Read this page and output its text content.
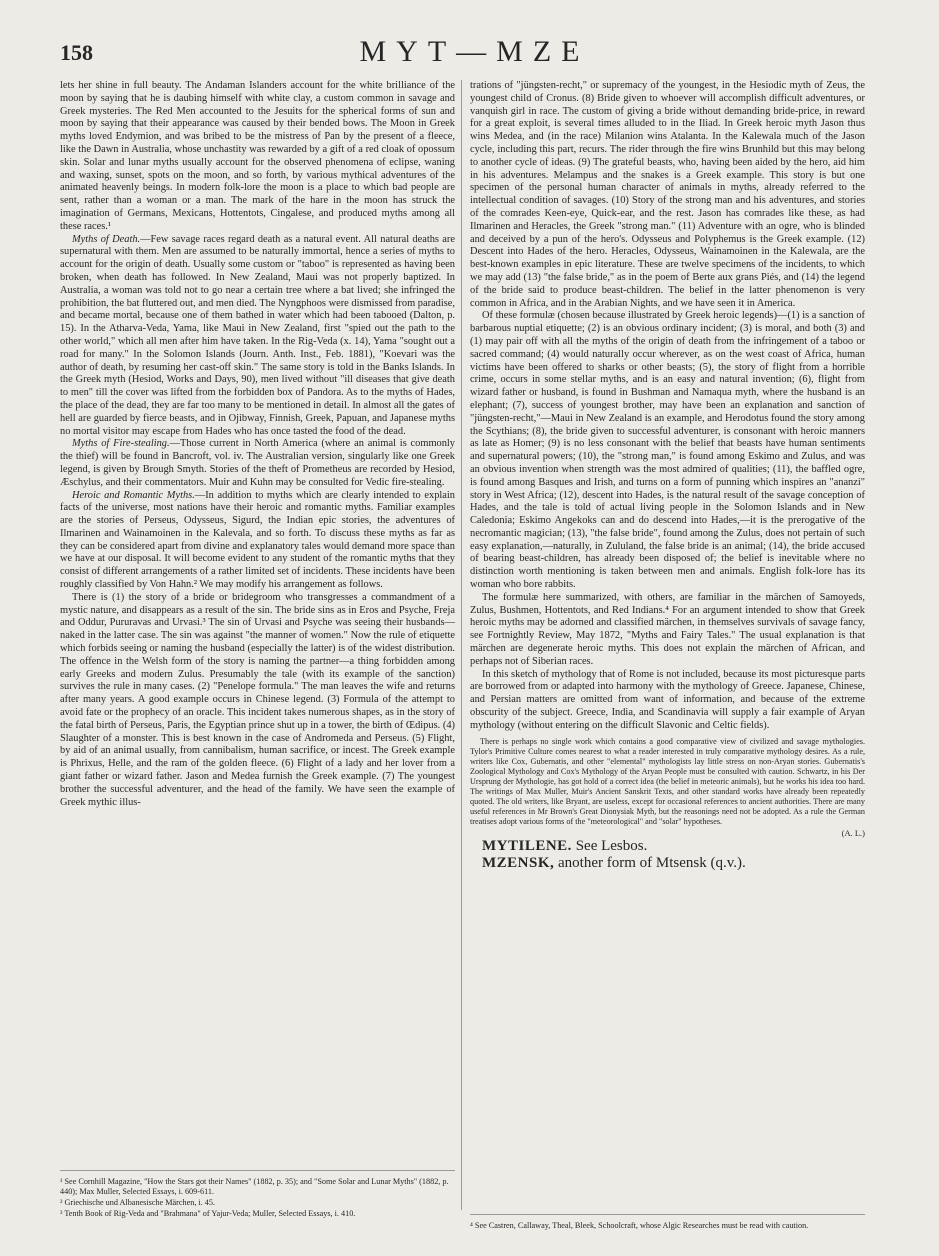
158	MYT—MZE

lets her shine in full beauty. The Andaman Islanders account for the white brilliance of the moon by saying that he is daubing himself with white clay, a custom common in savage and Greek mysteries. The Red Men accounted to the Jesuits for the spherical forms of sun and moon by saying that their appearance was caused by their bended bows. The Moon in Greek myths loved Endymion, and was bribed to be the mistress of Pan by the present of a fleece, like the Dawn in Australia, whose unchastity was rewarded by a gift of a red cloak of opossum skin. Solar and lunar myths usually account for the observed phenomena of eclipse, waning and waxing, sunset, spots on the moon, and so forth, by various mythical adventures of the animated heavenly beings. In modern folk-lore the moon is a place to which bad people are sent, rather than a woman or a man. The mark of the hare in the moon has struck the imagination of Germans, Mexicans, Hottentots, Cingalese, and produced myths among all these races.¹

Myths of Death.—Few savage races regard death as a natural event. All natural deaths are supernatural with them. Men are assumed to be naturally immortal, hence a series of myths to account for the origin of death. Usually some custom or "taboo" is represented as having been broken, when death has followed. In New Zealand, Maui was not properly baptized. In Australia, a woman was told not to go near a certain tree where a bat lived; she infringed the prohibition, the bat fluttered out, and men died. The Nyngphoos were dismissed from paradise, and became mortal, because one of them bathed in water which had been tabooed (Dalton, p. 15). In the Atharva-Veda, Yama, like Maui in New Zealand, first "spied out the path to the other world," which all men after him have taken. In the Rig-Veda (x. 14), Yama "sought out a road for many." In the Solomon Islands (Journ. Anth. Inst., Feb. 1881), "Koevari was the author of death, by resuming her cast-off skin." The same story is told in the Banks Islands. In the Greek myth (Hesiod, Works and Days, 90), men lived without "ill diseases that give death to men" till the cover was lifted from the forbidden box of Pandora. As to the myths of Hades, the place of the dead, they are far too many to be mentioned in detail. In almost all the gates of hell are guarded by fierce beasts, and in Ojibway, Finnish, Greek, Papuan, and Japanese myths no mortal visitor may escape from Hades who has once tasted the food of the dead.

Myths of Fire-stealing.—Those current in North America (where an animal is commonly the thief) will be found in Bancroft, vol. iv. The Australian version, singularly like one Greek legend, is given by Brough Smyth. Stories of the theft of Prometheus are recorded by Hesiod, Æschylus, and their commentators. Muir and Kuhn may be consulted for Vedic fire-stealing.

Heroic and Romantic Myths.—In addition to myths which are clearly intended to explain facts of the universe, most nations have their heroic and romantic myths. Familiar examples are the stories of Perseus, Odysseus, Sigurd, the Indian epic stories, the adventures of Ilmarinen and Wainamoinen in the Kalevala, and so forth. To discuss these myths as far as they can be considered apart from divine and explanatory tales would demand more space than we have at our disposal. It will become evident to any student of the romantic myths that they consist of different arrangements of a rather limited set of incidents. These incidents have been roughly classified by Von Hahn.² We may modify his arrangement as follows.

There is (1) the story of a bride or bridegroom who transgresses a commandment of a mystic nature, and disappears as a result of the sin. The bride sins as in Eros and Psyche, Freja and Oddur, Pururavas and Urvasi.³ The sin of Urvasi and Psyche was seeing their husbands—naked in the latter case. The sin was against "the manner of women." Now the rule of etiquette which forbids seeing or naming the husband (especially the latter) is of the widest distribution. The offence in the Welsh form of the story is naming the partner—a thing forbidden among early Greeks and modern Zulus. Presumably the tale (with its example of the sanction) survives the rule in many cases. (2) "Penelope formula." The man leaves the wife and returns after many years. A good example occurs in Chinese legend. (3) Formula of the attempt to avoid fate or the prophecy of an oracle. This incident takes numerous shapes, as in the story of the fatal birth of Perseus, Paris, the Egyptian prince shut up in a tower, the birth of Œdipus. (4) Slaughter of a monster. This is best known in the case of Andromeda and Perseus. (5) Flight, by aid of an animal usually, from cannibalism, human sacrifice, or incest. The Greek example is Phrixus, Helle, and the ram of the golden fleece. (6) Flight of a lady and her lover from a giant father or wizard father. Jason and Medea furnish the Greek example. (7) The youngest brother the successful adventurer, and the head of the family. We have seen the example of Greek mythic illus-

trations of "jüngsten-recht," or supremacy of the youngest, in the Hesiodic myth of Zeus, the youngest child of Cronus. (8) Bride given to whoever will accomplish difficult adventures, or vanquish girl in race. The custom of giving a bride without demanding bride-price, in reward for a great exploit, is several times alluded to in the Iliad. In Greek heroic myth Jason thus wins Medea, and (in the race) Milanion wins Atalanta. In the Kalewala much of the Jason cycle, including this part, recurs. The rider through the fire wins Brunhild but this may belong to another cycle of ideas. (9) The grateful beasts, who, having been aided by the hero, aid him in his adventures. Melampus and the snakes is a Greek example. This story is but one specimen of the personal human character of animals in myths, already referred to the intellectual condition of savages. (10) Story of the strong man and his adventures, and stories of the comrades Keen-eye, Quick-ear, and the rest. Jason has comrades like these, as had Ilmarinen and Heracles, the Greek "strong man." (11) Adventure with an ogre, who is blinded and deceived by a pun of the hero's. Odysseus and Polyphemus is the Greek example. (12) Descent into Hades of the hero. Heracles, Odysseus, Wainamoinen in the Kalewala, are the best-known examples in epic literature. These are twelve specimens of the incidents, to which we may add (13) "the false bride," as in the poem of Berte aux grans Piés, and (14) the legend of the bride said to produce beast-children. The belief in the latter phenomenon is very common in Africa, and in the Arabian Nights, and we have seen it in America.

Of these formulæ (chosen because illustrated by Greek heroic legends)—(1) is a sanction of barbarous nuptial etiquette; (2) is an obvious ordinary incident; (3) is moral, and both (3) and (1) may pair off with all the myths of the origin of death from the infringement of a taboo or sacred command; (4) would naturally occur wherever, as on the west coast of Africa, human victims have been offered to sharks or other beasts; (5), the story of flight from a horrible crime, occurs in some stellar myths, and is an easy and natural invention; (6), flight from wizard father or husband, is found in Bushman and Namaqua myth, where the husband is an elephant; (7), success of youngest brother, may have been an explanation and sanction of "jüngsten-recht,"—Maui in New Zealand is an example, and Herodotus found the story among the Scythians; (8), the bride given to successful adventurer, is consonant with heroic manners as late as Homer; (9) is no less consonant with the belief that beasts have human sentiments and supernatural powers; (10), the "strong man," is found among Eskimo and Zulus, and was an obvious invention when strength was the most admired of qualities; (11), the baffled ogre, is found among Basques and Irish, and turns on a form of punning which inspires an "ananzi" story in West Africa; (12), descent into Hades, is the natural result of the savage conception of Hades, and the tale is told of actual living people in the Solomon Islands and in New Caledonia; Eskimo Angekoks can and do descend into Hades,—it is the prerogative of the necromantic magician; (13), "the false bride", found among the Zulus, does not pertain of such easy explanation,—naturally, in Zululand, the false bride is an animal; (14), the bride accused of bearing beast-children, has already been disposed of; the belief is inevitable where no distinction worth mentioning is taken between men and animals. English folk-lore has its woman who bore rabbits.

The formulæ here summarized, with others, are familiar in the märchen of Samoyeds, Zulus, Bushmen, Hottentots, and Red Indians.⁴ For an argument intended to show that Greek heroic myths may be adorned and classified märchen, in themselves survivals of savage fancy, see Fortnightly Review, May 1872, "Myths and Fairy Tales." The usual explanation is that märchen are degenerate heroic myths. This does not explain the märchen of African, and perhaps not of Siberian races.

In this sketch of mythology that of Rome is not included, because its most picturesque parts are borrowed from or adapted into harmony with the mythology of Greece. Japanese, Chinese, and Persian matters are omitted from want of information, and because of the extreme obscurity of the subject. Greece, India, and Scandinavia will supply a fair example of Aryan mythology (without entering on the difficult Slavonic and Celtic fields).

There is perhaps no single work which contains a good comparative view of civilized and savage mythologies. Tylor's Primitive Culture comes nearest to what a reader interested in truly comparative mythology desires. As a rule, writers like Cox, Gubernatis, and other "elemental" mythologists lay little stress on non-Aryan stories. Gubernatis's Zoological Mythology and Cox's Mythology of the Aryan People must be consulted with caution. Schwartz, in his Der Ursprung der Mythologie, has got hold of a correct idea (the belief in meteoric animals), but he works his idea too hard. The writings of Max Muller, Muir's Ancient Sanskrit Texts, and other standard works have already been repeatedly quoted. The old writers, like Bryant, are useless, except for occasional references to ancient authorities. There are many useful references in Mr Brown's Great Dionysiak Myth, but the reasonings need not be adopted. As a rule the German treatises adopt various forms of the "meteorological" and "solar" hypotheses.

(A. L.)

MYTILENE. See Lesbos.

MZENSK, another form of Mtsensk (q.v.).

¹ See Cornhill Magazine, "How the Stars got their Names" (1882, p. 35); and "Some Solar and Lunar Myths" (1882, p. 440); Max Muller, Selected Essays, i. 609-611.

² Griechische und Albanesische Märchen, i. 45.

³ Tenth Book of Rig-Veda and "Brahmana" of Yajur-Veda; Muller, Selected Essays, i. 410.

⁴ See Castren, Callaway, Theal, Bleek, Schoolcraft, whose Algic Researches must be read with caution.
